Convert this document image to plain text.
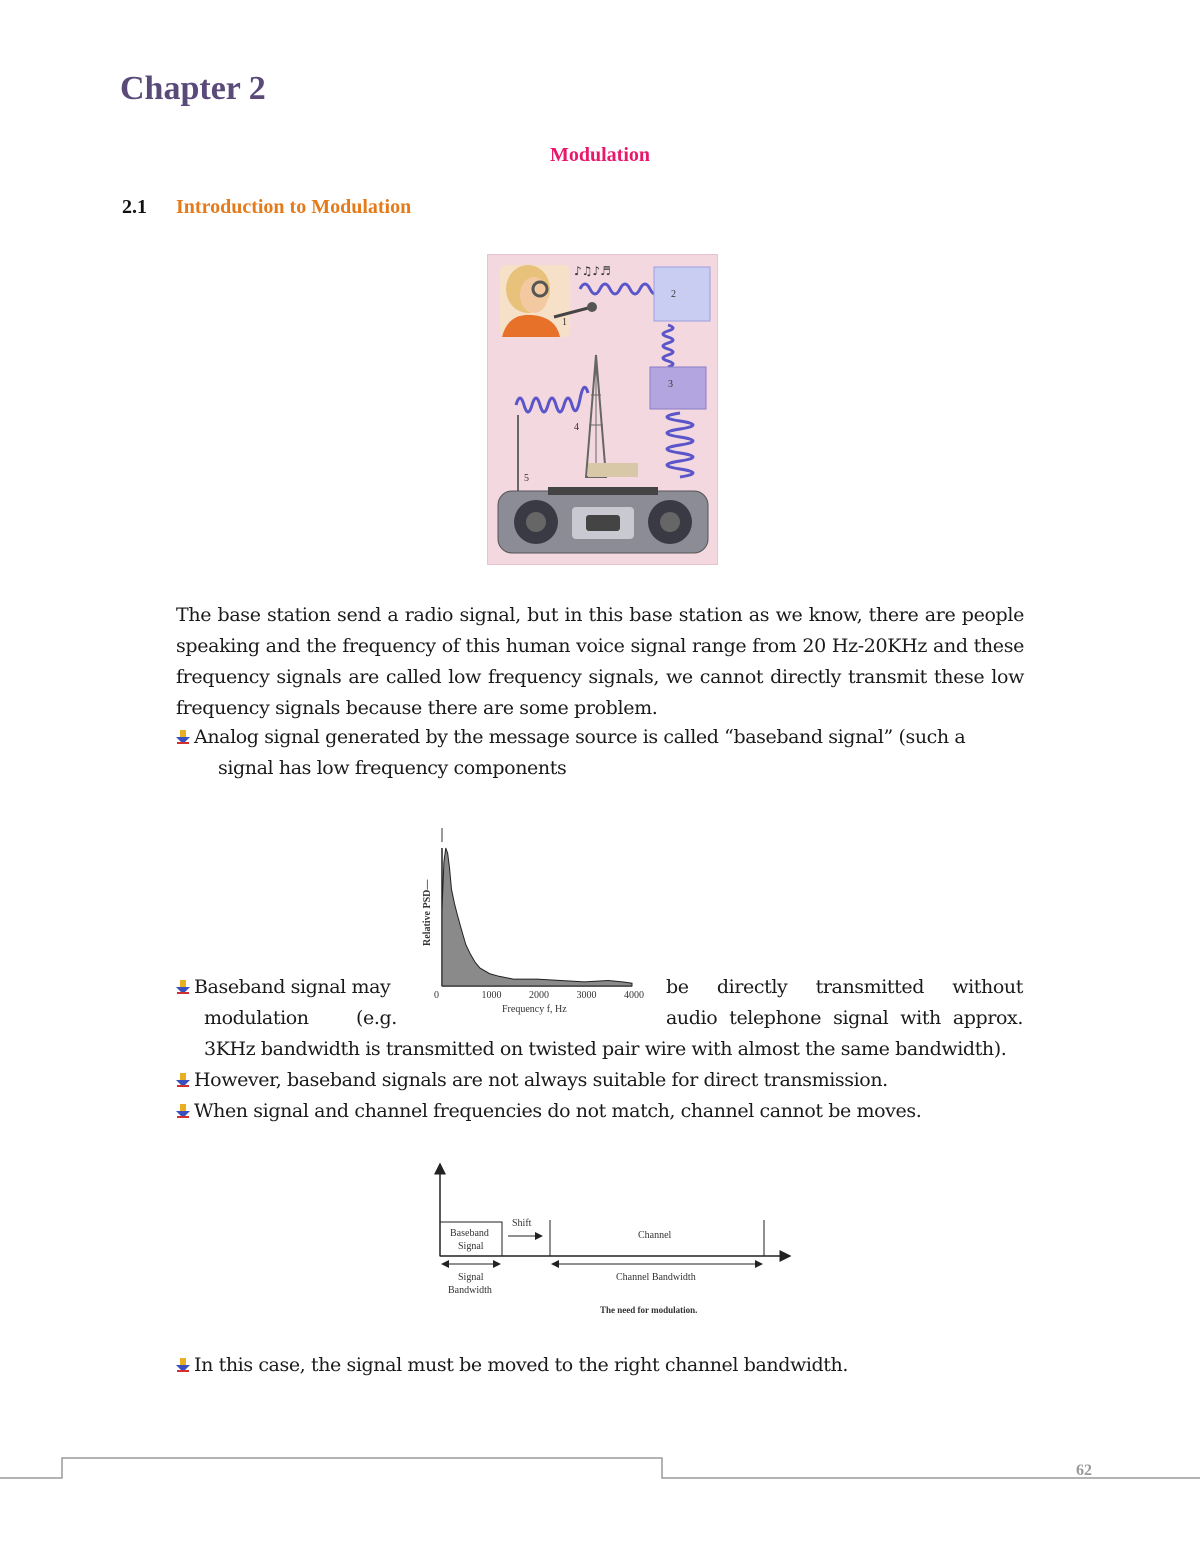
Chapter 2
Modulation
2.1 Introduction to Modulation
♪♫♪♬
2
3
1
4
5
The base station send a radio signal, but in this base station as we know, there are people speaking and the frequency of this human voice signal range from 20 Hz-20KHz and these frequency signals are called low frequency signals, we cannot directly transmit these low frequency signals because there are some problem.
Analog signal generated by the message source is called “baseband signal” (such a
signal has low frequency components
Relative PSD—
0	1000	2000	3000	4000
Frequency f, Hz
Baseband signal may	be directly transmitted without
modulation (e.g.	audio telephone signal with approx.
3KHz bandwidth is transmitted on twisted pair wire with almost the same bandwidth).
However, baseband signals are not always suitable for direct transmission.
When signal and channel frequencies do not match, channel cannot be moves.
Baseband
Signal
Shift
Channel
Signal
Bandwidth
Channel Bandwidth
The need for modulation.
In this case, the signal must be moved to the right channel bandwidth.
62
